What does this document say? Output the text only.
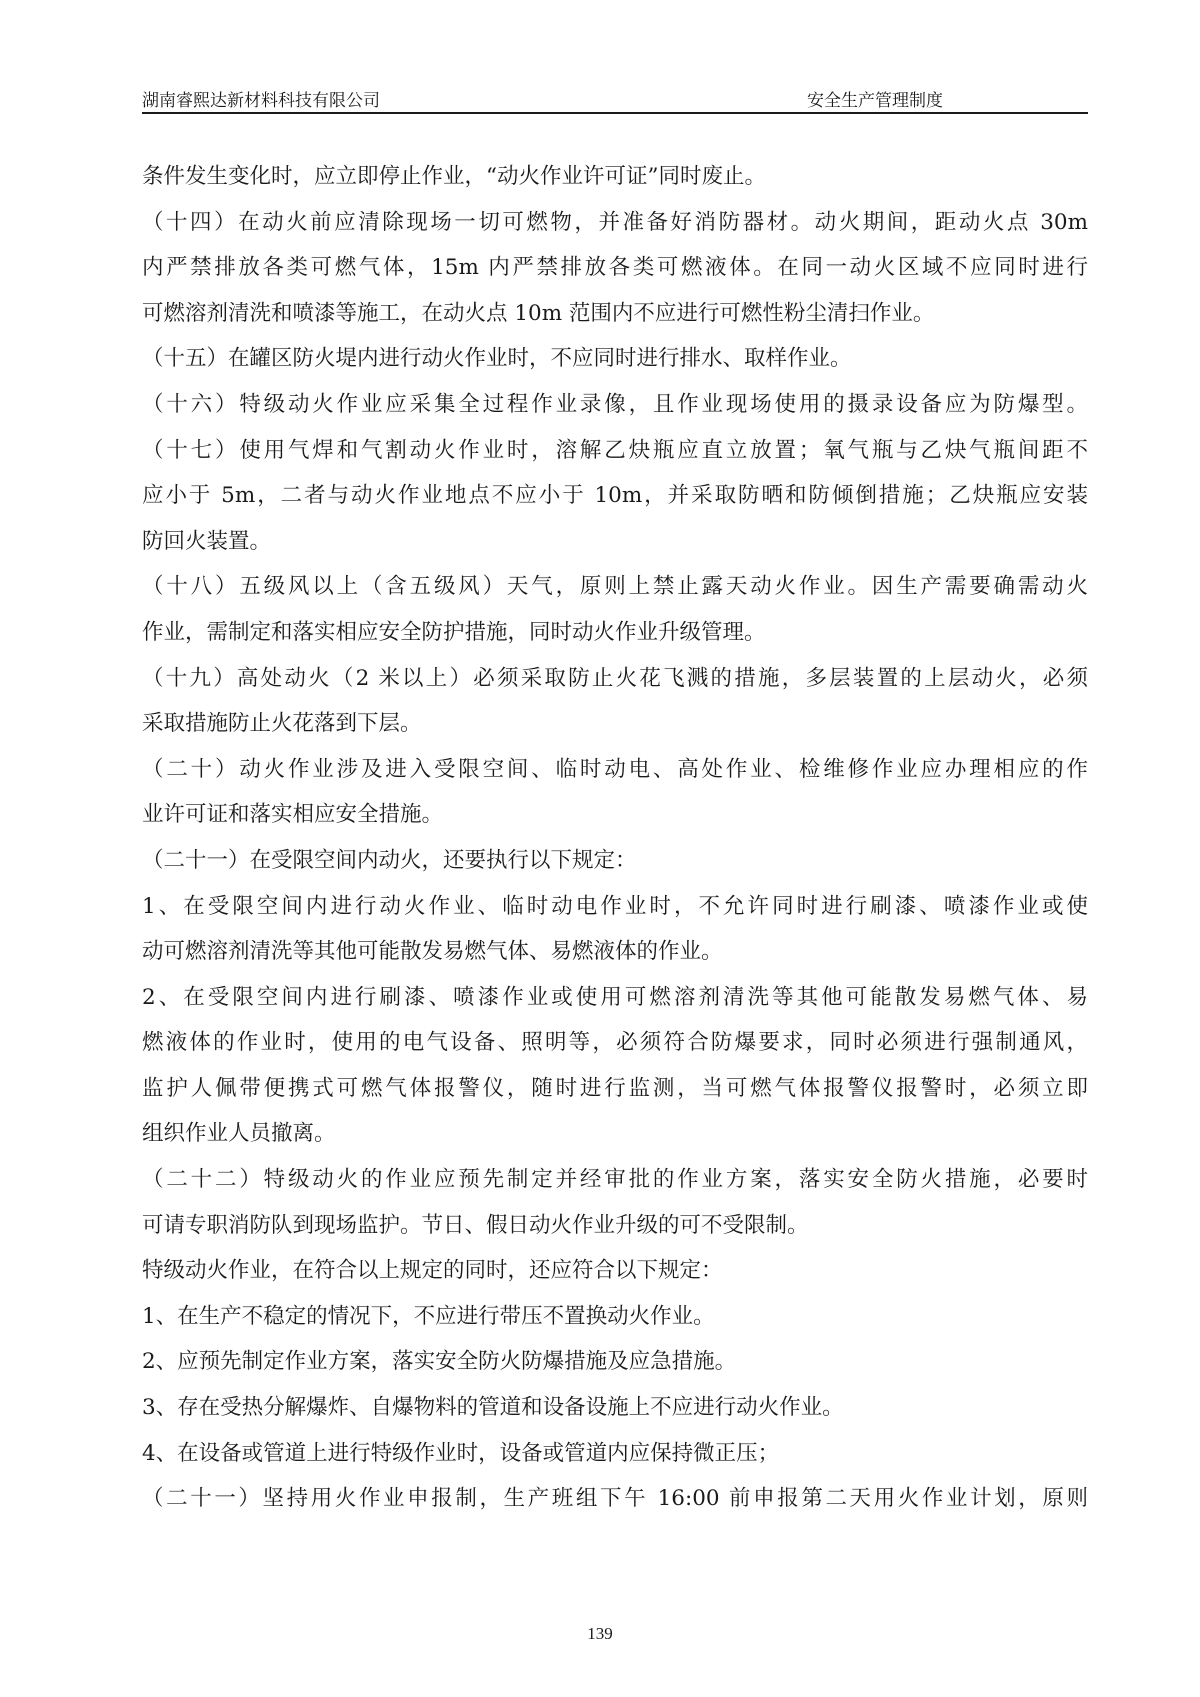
湖南睿熙达新材料科技有限公司	安全生产管理制度
条件发生变化时，应立即停止作业，“动火作业许可证”同时废止。
（十四）在动火前应清除现场一切可燃物，并准备好消防器材。动火期间，距动火点 30m
内严禁排放各类可燃气体，15m 内严禁排放各类可燃液体。在同一动火区域不应同时进行
可燃溶剂清洗和喷漆等施工，在动火点 10m 范围内不应进行可燃性粉尘清扫作业。
（十五）在罐区防火堤内进行动火作业时，不应同时进行排水、取样作业。
（十六）特级动火作业应采集全过程作业录像，且作业现场使用的摄录设备应为防爆型。
（十七）使用气焊和气割动火作业时，溶解乙炔瓶应直立放置；氧气瓶与乙炔气瓶间距不
应小于 5m，二者与动火作业地点不应小于 10m，并采取防晒和防倾倒措施；乙炔瓶应安装
防回火装置。
（十八）五级风以上（含五级风）天气，原则上禁止露天动火作业。因生产需要确需动火
作业，需制定和落实相应安全防护措施，同时动火作业升级管理。
（十九）高处动火（2 米以上）必须采取防止火花飞溅的措施，多层装置的上层动火，必须
采取措施防止火花落到下层。
（二十）动火作业涉及进入受限空间、临时动电、高处作业、检维修作业应办理相应的作
业许可证和落实相应安全措施。
（二十一）在受限空间内动火，还要执行以下规定：
1、在受限空间内进行动火作业、临时动电作业时，不允许同时进行刷漆、喷漆作业或使
动可燃溶剂清洗等其他可能散发易燃气体、易燃液体的作业。
2、在受限空间内进行刷漆、喷漆作业或使用可燃溶剂清洗等其他可能散发易燃气体、易
燃液体的作业时，使用的电气设备、照明等，必须符合防爆要求，同时必须进行强制通风，
监护人佩带便携式可燃气体报警仪，随时进行监测，当可燃气体报警仪报警时，必须立即
组织作业人员撤离。
（二十二）特级动火的作业应预先制定并经审批的作业方案，落实安全防火措施，必要时
可请专职消防队到现场监护。节日、假日动火作业升级的可不受限制。
特级动火作业，在符合以上规定的同时，还应符合以下规定：
1、在生产不稳定的情况下，不应进行带压不置换动火作业。
2、应预先制定作业方案，落实安全防火防爆措施及应急措施。
3、存在受热分解爆炸、自爆物料的管道和设备设施上不应进行动火作业。
4、在设备或管道上进行特级作业时，设备或管道内应保持微正压；
（二十一）坚持用火作业申报制，生产班组下午 16:00 前申报第二天用火作业计划，原则
139
